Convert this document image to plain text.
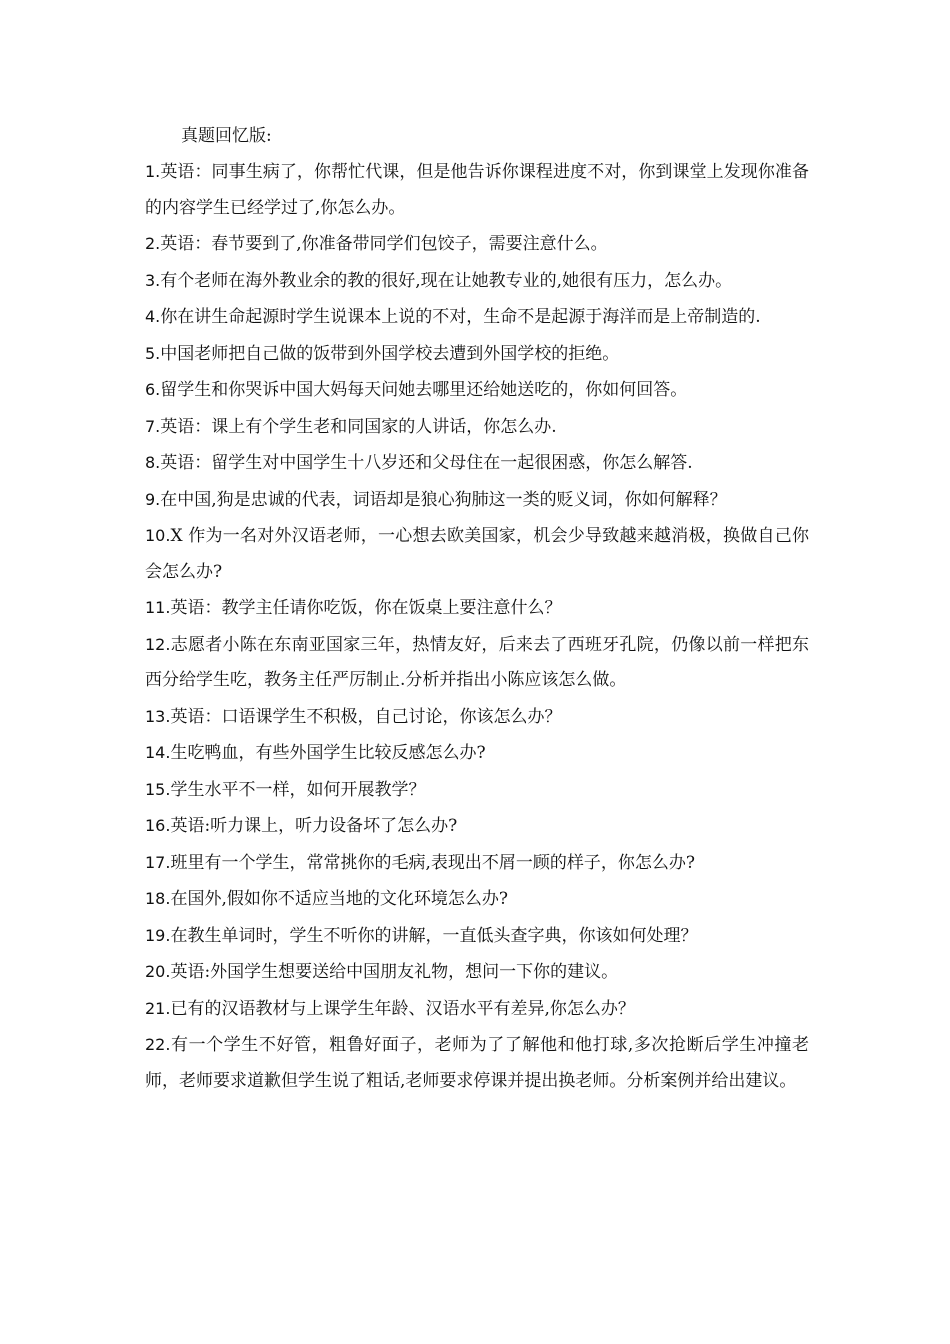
真题回忆版:

1.英语：同事生病了，你帮忙代课，但是他告诉你课程进度不对，你到课堂上发现你准备的内容学生已经学过了,你怎么办。

2.英语：春节要到了,你准备带同学们包饺子，需要注意什么。

3.有个老师在海外教业余的教的很好,现在让她教专业的,她很有压力，怎么办。

4.你在讲生命起源时学生说课本上说的不对，生命不是起源于海洋而是上帝制造的.

5.中国老师把自己做的饭带到外国学校去遭到外国学校的拒绝。

6.留学生和你哭诉中国大妈每天问她去哪里还给她送吃的，你如何回答。

7.英语：课上有个学生老和同国家的人讲话，你怎么办.

8.英语：留学生对中国学生十八岁还和父母住在一起很困惑，你怎么解答.

9.在中国,狗是忠诚的代表，词语却是狼心狗肺这一类的贬义词，你如何解释？

10.X 作为一名对外汉语老师，一心想去欧美国家，机会少导致越来越消极，换做自己你会怎么办?

11.英语：教学主任请你吃饭，你在饭桌上要注意什么？

12.志愿者小陈在东南亚国家三年，热情友好，后来去了西班牙孔院，仍像以前一样把东西分给学生吃，教务主任严厉制止.分析并指出小陈应该怎么做。

13.英语：口语课学生不积极，自己讨论，你该怎么办？

14.生吃鸭血，有些外国学生比较反感怎么办?

15.学生水平不一样，如何开展教学？

16.英语:听力课上，听力设备坏了怎么办?

17.班里有一个学生，常常挑你的毛病,表现出不屑一顾的样子，你怎么办?

18.在国外,假如你不适应当地的文化环境怎么办?

19.在教生单词时，学生不听你的讲解，一直低头查字典，你该如何处理？

20.英语:外国学生想要送给中国朋友礼物，想问一下你的建议。

21.已有的汉语教材与上课学生年龄、汉语水平有差异,你怎么办？

22.有一个学生不好管，粗鲁好面子，老师为了了解他和他打球,多次抢断后学生冲撞老师，老师要求道歉但学生说了粗话,老师要求停课并提出换老师。分析案例并给出建议。
